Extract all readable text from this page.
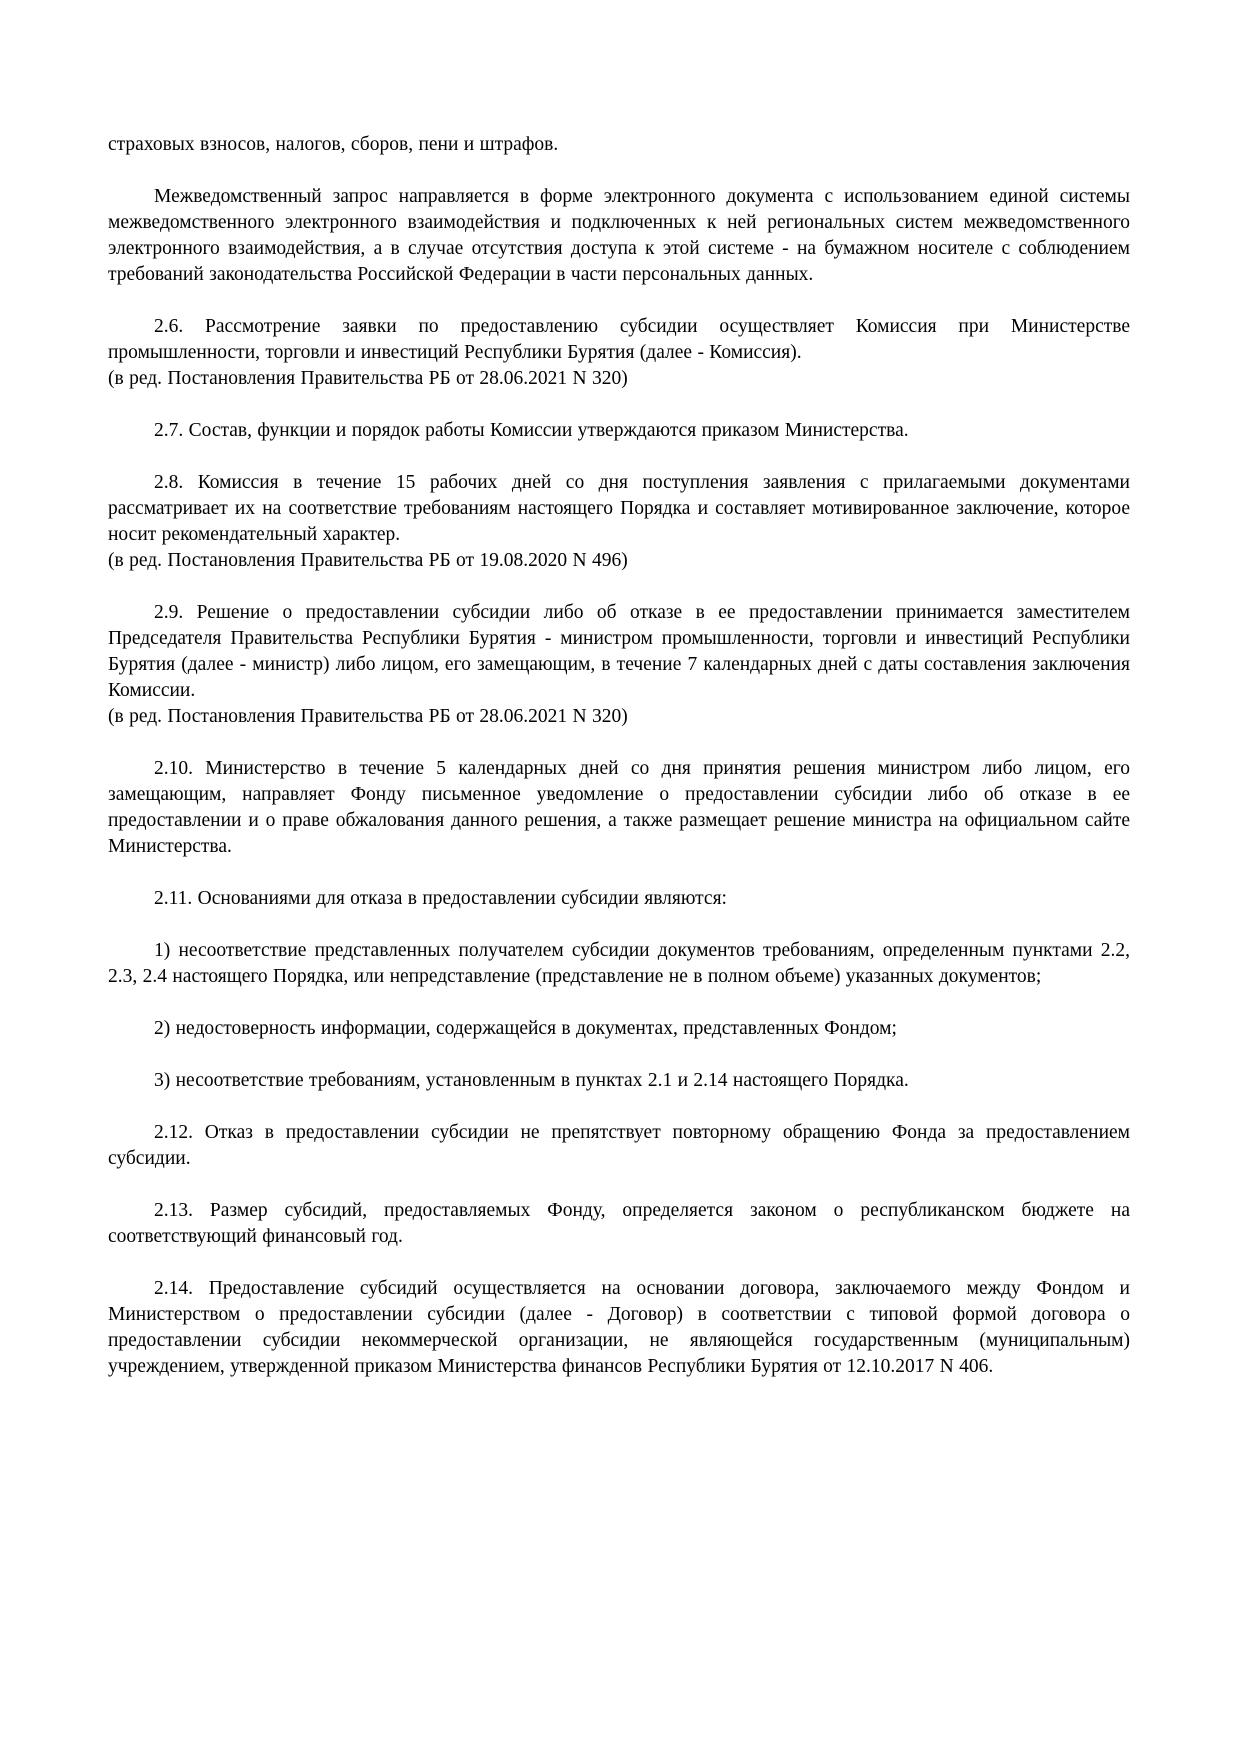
страховых взносов, налогов, сборов, пени и штрафов.

Межведомственный запрос направляется в форме электронного документа с использованием единой системы межведомственного электронного взаимодействия и подключенных к ней региональных систем межведомственного электронного взаимодействия, а в случае отсутствия доступа к этой системе - на бумажном носителе с соблюдением требований законодательства Российской Федерации в части персональных данных.

2.6. Рассмотрение заявки по предоставлению субсидии осуществляет Комиссия при Министерстве промышленности, торговли и инвестиций Республики Бурятия (далее - Комиссия).

(в ред. Постановления Правительства РБ от 28.06.2021 N 320)

2.7. Состав, функции и порядок работы Комиссии утверждаются приказом Министерства.

2.8. Комиссия в течение 15 рабочих дней со дня поступления заявления с прилагаемыми документами рассматривает их на соответствие требованиям настоящего Порядка и составляет мотивированное заключение, которое носит рекомендательный характер.

(в ред. Постановления Правительства РБ от 19.08.2020 N 496)

2.9. Решение о предоставлении субсидии либо об отказе в ее предоставлении принимается заместителем Председателя Правительства Республики Бурятия - министром промышленности, торговли и инвестиций Республики Бурятия (далее - министр) либо лицом, его замещающим, в течение 7 календарных дней с даты составления заключения Комиссии.

(в ред. Постановления Правительства РБ от 28.06.2021 N 320)

2.10. Министерство в течение 5 календарных дней со дня принятия решения министром либо лицом, его замещающим, направляет Фонду письменное уведомление о предоставлении субсидии либо об отказе в ее предоставлении и о праве обжалования данного решения, а также размещает решение министра на официальном сайте Министерства.

2.11. Основаниями для отказа в предоставлении субсидии являются:

1) несоответствие представленных получателем субсидии документов требованиям, определенным пунктами 2.2, 2.3, 2.4 настоящего Порядка, или непредставление (представление не в полном объеме) указанных документов;

2) недостоверность информации, содержащейся в документах, представленных Фондом;

3) несоответствие требованиям, установленным в пунктах 2.1 и 2.14 настоящего Порядка.

2.12. Отказ в предоставлении субсидии не препятствует повторному обращению Фонда за предоставлением субсидии.

2.13. Размер субсидий, предоставляемых Фонду, определяется законом о республиканском бюджете на соответствующий финансовый год.

2.14. Предоставление субсидий осуществляется на основании договора, заключаемого между Фондом и Министерством о предоставлении субсидии (далее - Договор) в соответствии с типовой формой договора о предоставлении субсидии некоммерческой организации, не являющейся государственным (муниципальным) учреждением, утвержденной приказом Министерства финансов Республики Бурятия от 12.10.2017 N 406.
